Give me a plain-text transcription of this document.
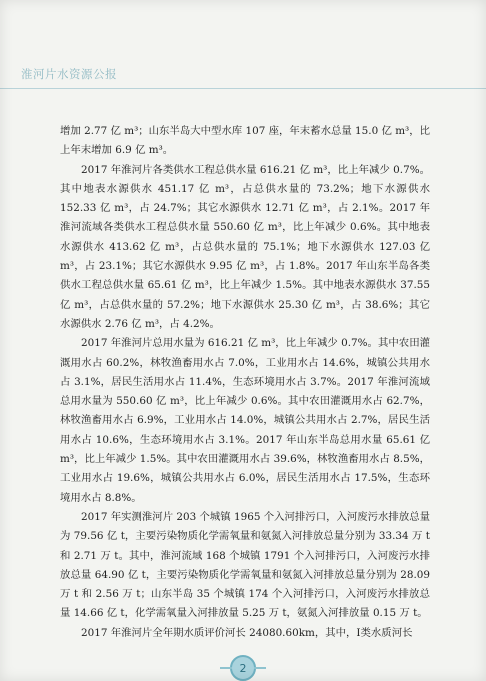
淮河片水资源公报

增加 2.77 亿 m³；山东半岛大中型水库 107 座，年末蓄水总量 15.0 亿 m³，比上年末增加 6.9 亿 m³。

2017 年淮河片各类供水工程总供水量 616.21 亿 m³，比上年减少 0.7%。其中地表水源供水 451.17 亿 m³，占总供水量的 73.2%；地下水源供水 152.33 亿 m³，占 24.7%；其它水源供水 12.71 亿 m³，占 2.1%。2017 年淮河流域各类供水工程总供水量 550.60 亿 m³，比上年减少 0.6%。其中地表水源供水 413.62 亿 m³，占总供水量的 75.1%；地下水源供水 127.03 亿 m³，占 23.1%；其它水源供水 9.95 亿 m³，占 1.8%。2017 年山东半岛各类供水工程总供水量 65.61 亿 m³，比上年减少 1.5%。其中地表水源供水 37.55 亿 m³，占总供水量的 57.2%；地下水源供水 25.30 亿 m³，占 38.6%；其它水源供水 2.76 亿 m³，占 4.2%。

2017 年淮河片总用水量为 616.21 亿 m³，比上年减少 0.7%。其中农田灌溉用水占 60.2%，林牧渔畜用水占 7.0%，工业用水占 14.6%，城镇公共用水占 3.1%，居民生活用水占 11.4%，生态环境用水占 3.7%。2017 年淮河流域总用水量为 550.60 亿 m³，比上年减少 0.6%。其中农田灌溉用水占 62.7%，林牧渔畜用水占 6.9%，工业用水占 14.0%，城镇公共用水占 2.7%，居民生活用水占 10.6%，生态环境用水占 3.1%。2017 年山东半岛总用水量 65.61 亿 m³，比上年减少 1.5%。其中农田灌溉用水占 39.6%，林牧渔畜用水占 8.5%，工业用水占 19.6%，城镇公共用水占 6.0%，居民生活用水占 17.5%，生态环境用水占 8.8%。

2017 年实测淮河片 203 个城镇 1965 个入河排污口，入河废污水排放总量为 79.56 亿 t，主要污染物质化学需氧量和氨氮入河排放总量分别为 33.34 万 t 和 2.71 万 t。其中，淮河流域 168 个城镇 1791 个入河排污口，入河废污水排放总量 64.90 亿 t，主要污染物质化学需氧量和氨氮入河排放总量分别为 28.09 万 t 和 2.56 万 t；山东半岛 35 个城镇 174 个入河排污口，入河废污水排放总量 14.66 亿 t，化学需氧量入河排放量 5.25 万 t，氨氮入河排放量 0.15 万 t。

2017 年淮河片全年期水质评价河长 24080.60km，其中，Ⅰ类水质河长

2
